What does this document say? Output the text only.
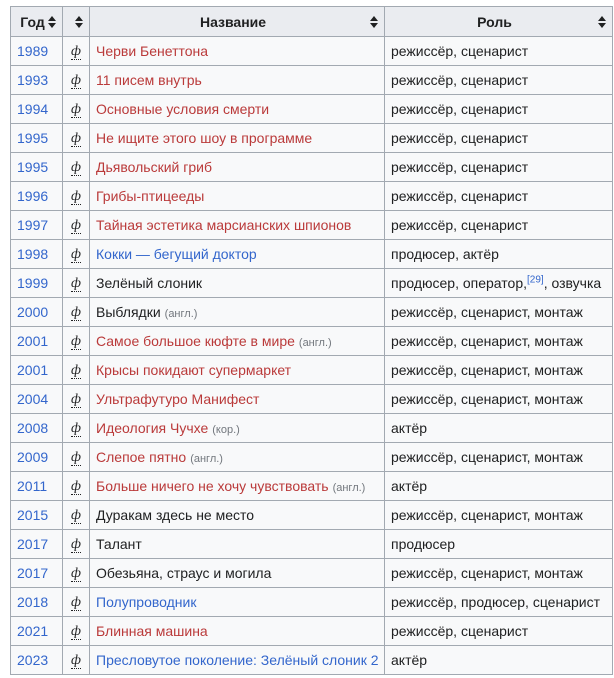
Год		Название	Роль

1989	ф	Черви Бенеттона	режиссёр, сценарист
1993	ф	11 писем внутрь	режиссёр, сценарист
1994	ф	Основные условия смерти	режиссёр, сценарист
1995	ф	Не ищите этого шоу в программе	режиссёр, сценарист
1995	ф	Дьявольский гриб	режиссёр, сценарист
1996	ф	Грибы-птицееды	режиссёр, сценарист
1997	ф	Тайная эстетика марсианских шпионов	режиссёр, сценарист
1998	ф	Кокки — бегущий доктор	продюсер, актёр
1999	ф	Зелёный слоник	продюсер, оператор,[29], озвучка
2000	ф	Выблядки (англ.)	режиссёр, сценарист, монтаж
2001	ф	Самое большое кюфте в мире (англ.)	режиссёр, сценарист, монтаж
2001	ф	Крысы покидают супермаркет	режиссёр, сценарист, монтаж
2004	ф	Ультрафутуро Манифест	режиссёр, сценарист, монтаж
2008	ф	Идеология Чучхе (кор.)	актёр
2009	ф	Слепое пятно (англ.)	режиссёр, сценарист, монтаж
2011	ф	Больше ничего не хочу чувствовать (англ.)	актёр
2015	ф	Дуракам здесь не место	режиссёр, сценарист, монтаж
2017	ф	Талант	продюсер
2017	ф	Обезьяна, страус и могила	режиссёр, сценарист, монтаж
2018	ф	Полупроводник	режиссёр, продюсер, сценарист
2021	ф	Блинная машина	режиссёр, сценарист
2023	ф	Пресловутое поколение: Зелёный слоник 2	актёр
